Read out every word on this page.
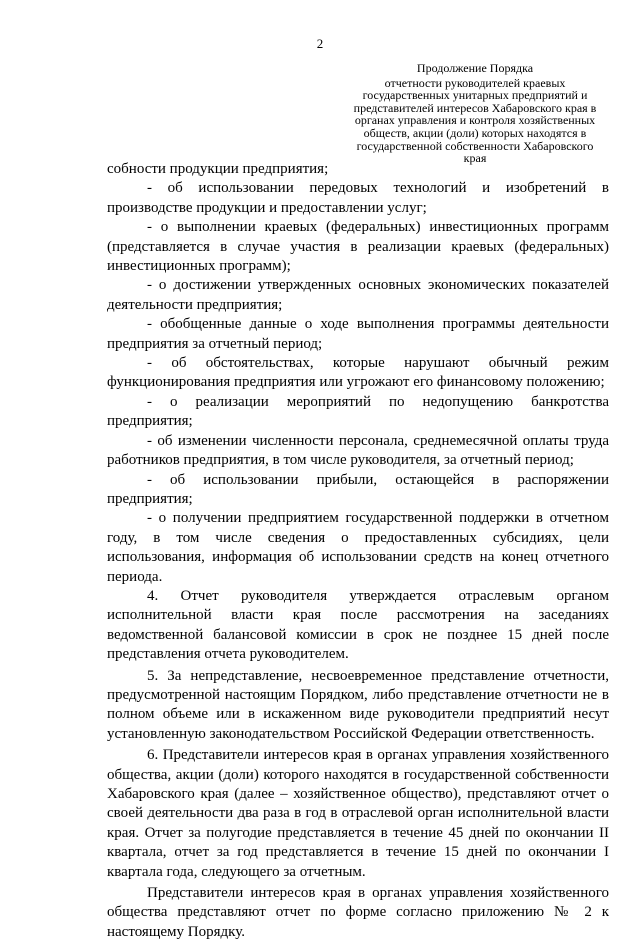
2
Продолжение Порядка
отчетности руководителей краевых государственных унитарных предприятий и представителей интересов Хабаровского края в органах управления и контроля хозяйственных обществ, акции (доли) которых находятся в государственной собственности Хабаровского края

собности продукции предприятия;

- об использовании передовых технологий и изобретений в производстве продукции и предоставлении услуг;

- о выполнении краевых (федеральных) инвестиционных программ (представляется в случае участия в реализации краевых (федеральных) инвестиционных программ);

- о достижении утвержденных основных экономических показателей деятельности предприятия;

- обобщенные данные о ходе выполнения программы деятельности предприятия за отчетный период;

- об обстоятельствах, которые нарушают обычный режим функционирования предприятия или угрожают его финансовому положению;

- о реализации мероприятий по недопущению банкротства предприятия;

- об изменении численности персонала, среднемесячной оплаты труда работников предприятия, в том числе руководителя, за отчетный период;

- об использовании прибыли, остающейся в распоряжении предприятия;

- о получении предприятием государственной поддержки в отчетном году, в том числе сведения о предоставленных субсидиях, цели использования, информация об использовании средств на конец отчетного периода.

4. Отчет руководителя утверждается отраслевым органом исполнительной власти края после рассмотрения на заседаниях ведомственной балансовой комиссии в срок не позднее 15 дней после представления отчета руководителем.

5. За непредставление, несвоевременное представление отчетности, предусмотренной настоящим Порядком, либо представление отчетности не в полном объеме или в искаженном виде руководители предприятий несут установленную законодательством Российской Федерации ответственность.

6. Представители интересов края в органах управления хозяйственного общества, акции (доли) которого находятся в государственной собственности Хабаровского края (далее – хозяйственное общество), представляют отчет о своей деятельности два раза в год в отраслевой орган исполнительной власти края. Отчет за полугодие представляется в течение 45 дней по окончании II квартала, отчет за год представляется в течение 15 дней по окончании I квартала года, следующего за отчетным.

Представители интересов края в органах управления хозяйственного общества представляют отчет по форме согласно приложению № 2 к настоящему Порядку.
